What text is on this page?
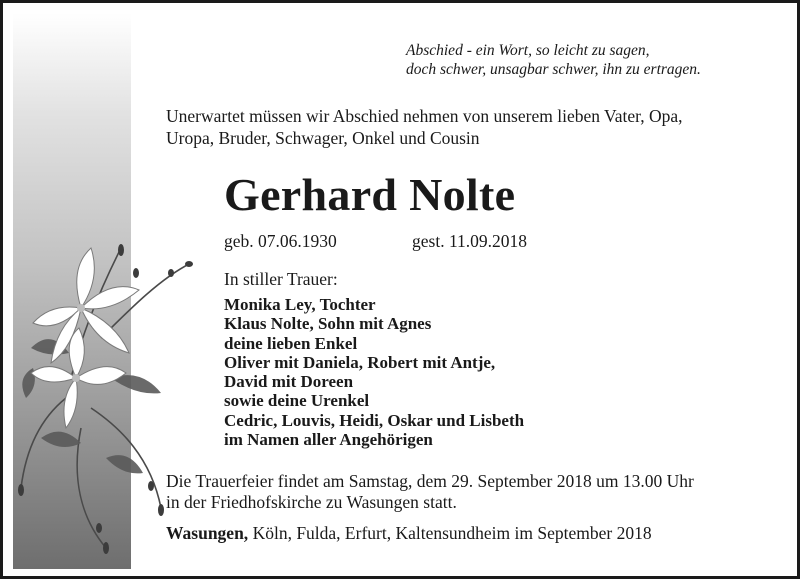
Abschied - ein Wort, so leicht zu sagen,
doch schwer, unsagbar schwer, ihn zu ertragen.

Unerwartet müssen wir Abschied nehmen von unserem lieben Vater, Opa,
Uropa, Bruder, Schwager, Onkel und Cousin

Gerhard Nolte
geb. 07.06.1930	gest. 11.09.2018
In stiller Trauer:
Monika Ley, Tochter
Klaus Nolte, Sohn mit Agnes
deine lieben Enkel
Oliver mit Daniela, Robert mit Antje,
David mit Doreen
sowie deine Urenkel
Cedric, Louvis, Heidi, Oskar und Lisbeth
im Namen aller Angehörigen

Die Trauerfeier findet am Samstag, dem 29. September 2018 um 13.00 Uhr
in der Friedhofskirche zu Wasungen statt.

Wasungen, Köln, Fulda, Erfurt, Kaltensundheim im September 2018
